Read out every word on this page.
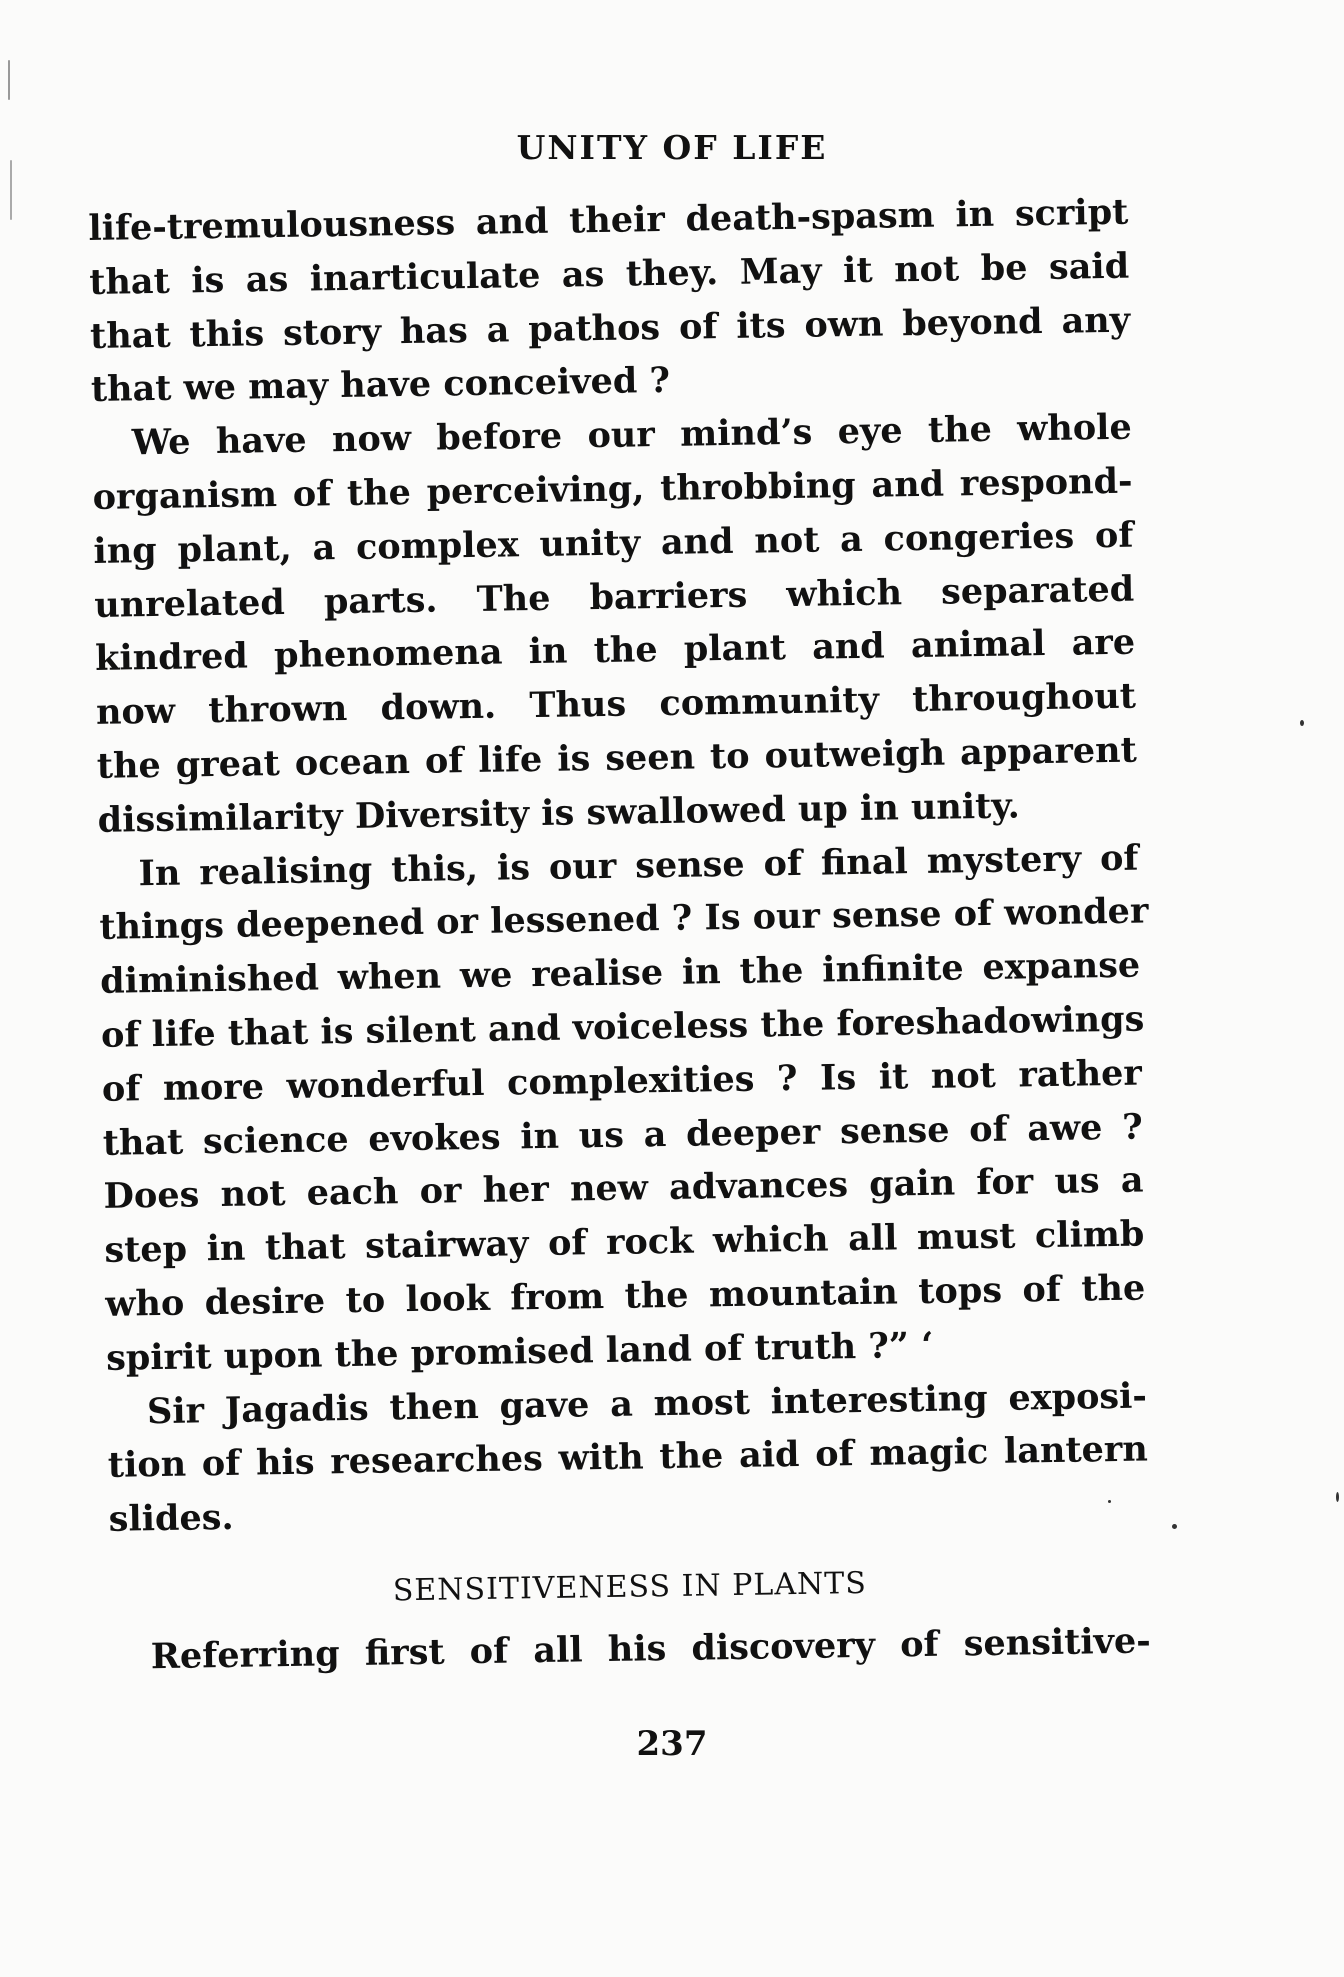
UNITY OF LIFE

life-tremulousness and their death-spasm in script
that is as inarticulate as they. May it not be said
that this story has a pathos of its own beyond any
that we may have conceived ?

We have now before our mind’s eye the whole
organism of the perceiving, throbbing and respond-
ing plant, a complex unity and not a congeries of
unrelated parts. The barriers which separated
kindred phenomena in the plant and animal are
now thrown down. Thus community throughout
the great ocean of life is seen to outweigh apparent
dissimilarity Diversity is swallowed up in unity.

In realising this, is our sense of final mystery of
things deepened or lessened ? Is our sense of wonder
diminished when we realise in the infinite expanse
of life that is silent and voiceless the foreshadowings
of more wonderful complexities ? Is it not rather
that science evokes in us a deeper sense of awe ?
Does not each or her new advances gain for us a
step in that stairway of rock which all must climb
who desire to look from the mountain tops of the
spirit upon the promised land of truth ?” ‘

Sir Jagadis then gave a most interesting exposi-
tion of his researches with the aid of magic lantern
slides.

SENSITIVENESS IN PLANTS

Referring first of all his discovery of sensitive-

237
